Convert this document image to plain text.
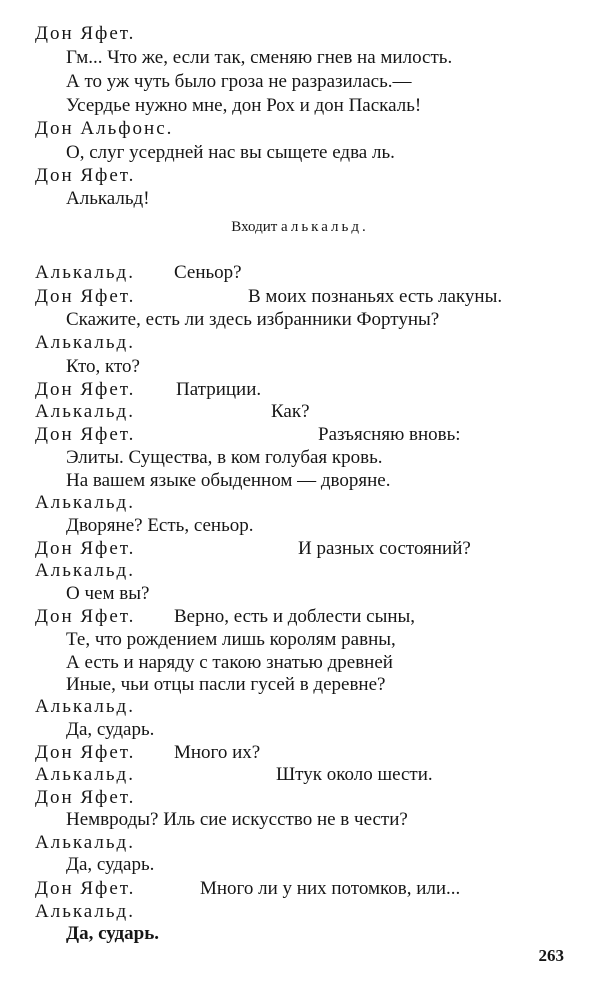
Дон Яфет.
Гм... Что же, если так, сменяю гнев на милость.
А то уж чуть было гроза не разразилась.—
Усердье нужно мне, дон Рох и дон Паскаль!
Дон Альфонс.
О, слуг усердней нас вы сыщете едва ль.
Дон Яфет.
Алькальд!
Входит алькальд.
Алькальд. Сеньор?
Дон Яфет.	В моих познаньях есть лакуны.
Скажите, есть ли здесь избранники Фортуны?
Алькальд.
Кто, кто?
Дон Яфет. Патриции.
Алькальд.	Как?
Дон Яфет.	Разъясняю вновь:
Элиты. Существа, в ком голубая кровь.
На вашем языке обыденном — дворяне.
Алькальд.
Дворяне? Есть, сеньор.
Дон Яфет.	И разных состояний?
Алькальд.
О чем вы?
Дон Яфет. Верно, есть и доблести сыны,
Те, что рождением лишь королям равны,
А есть и наряду с такою знатью древней
Иные, чьи отцы пасли гусей в деревне?
Алькальд.
Да, сударь.
Дон Яфет. Много их?
Алькальд.	Штук около шести.
Дон Яфет.
Немвроды? Иль сие искусство не в чести?
Алькальд.
Да, сударь.
Дон Яфет.	Много ли у них потомков, или...
Алькальд.
Да, сударь.
263
